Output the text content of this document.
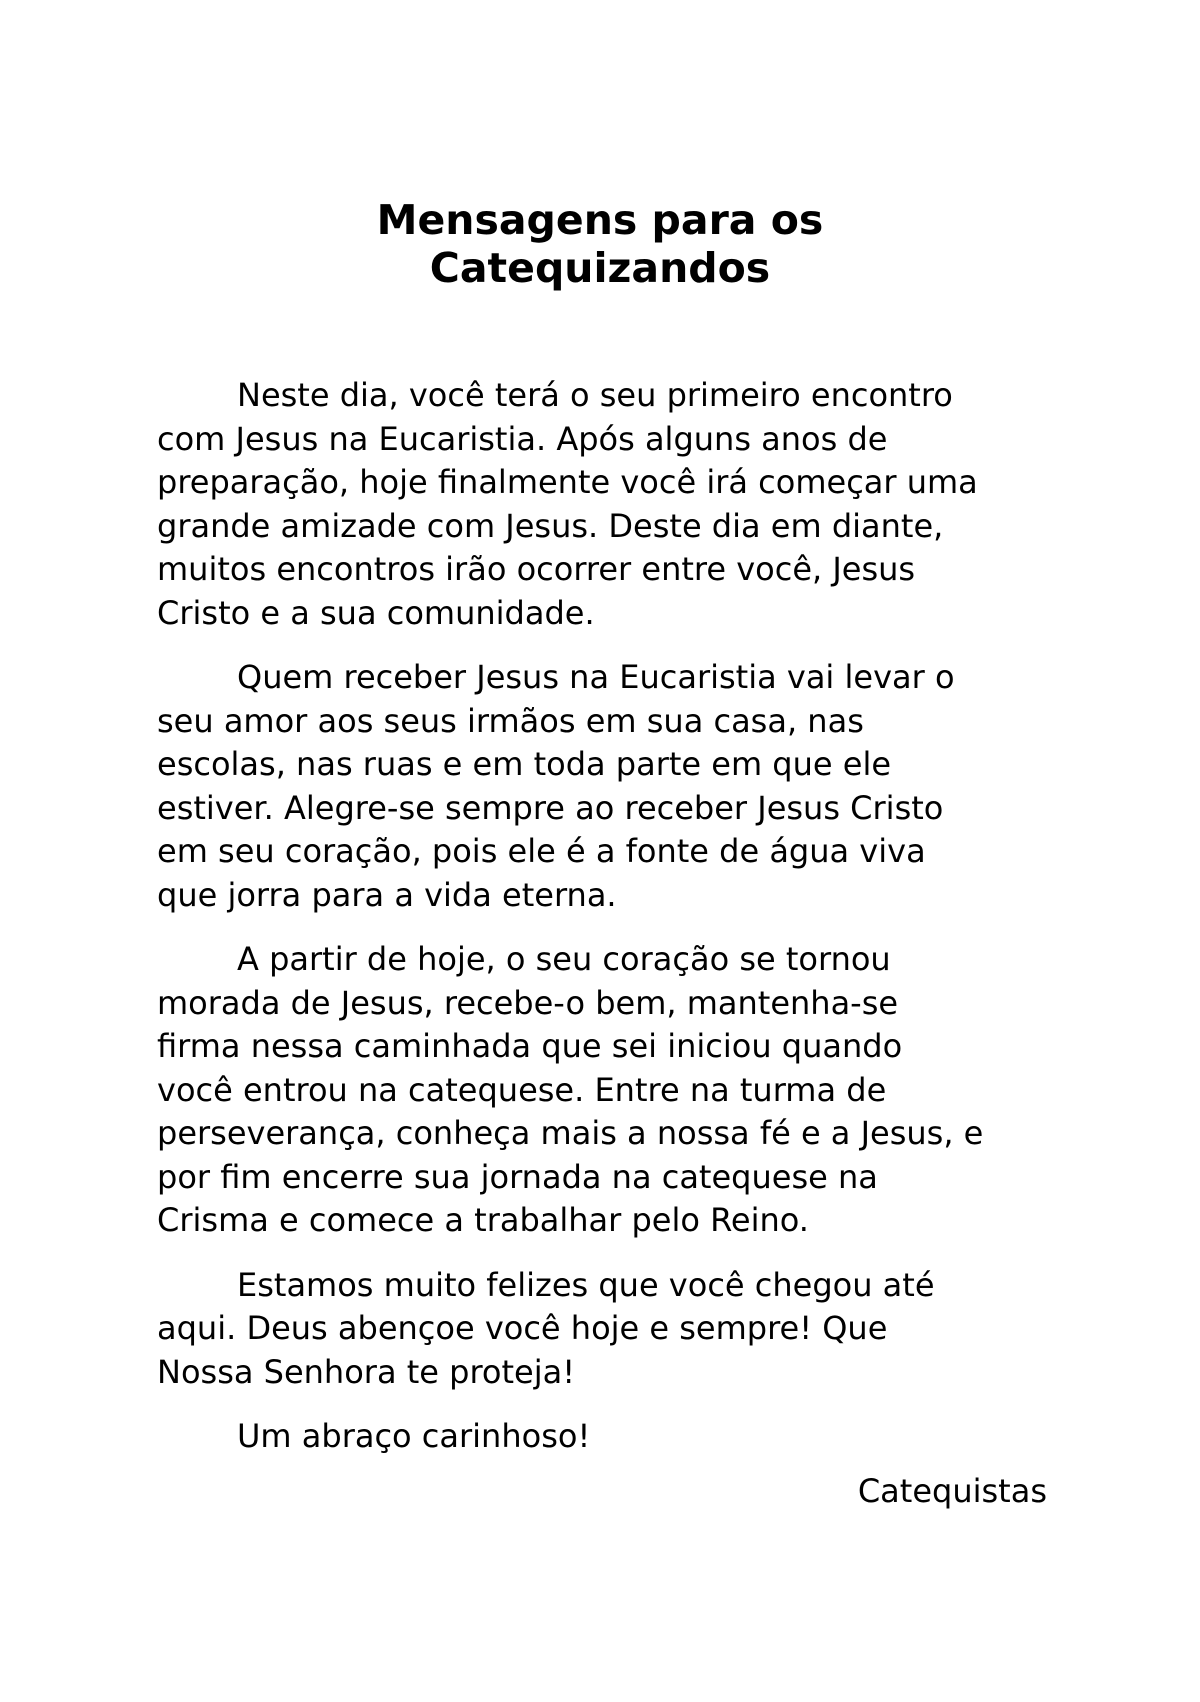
Mensagens para os
Catequizandos

Neste dia, você terá o seu primeiro encontro
com Jesus na Eucaristia. Após alguns anos de
preparação, hoje finalmente você irá começar uma
grande amizade com Jesus. Deste dia em diante,
muitos encontros irão ocorrer entre você, Jesus
Cristo e a sua comunidade.

Quem receber Jesus na Eucaristia vai levar o
seu amor aos seus irmãos em sua casa, nas
escolas, nas ruas e em toda parte em que ele
estiver. Alegre-se sempre ao receber Jesus Cristo
em seu coração, pois ele é a fonte de água viva
que jorra para a vida eterna.

A partir de hoje, o seu coração se tornou
morada de Jesus, recebe-o bem, mantenha-se
firma nessa caminhada que sei iniciou quando
você entrou na catequese. Entre na turma de
perseverança, conheça mais a nossa fé e a Jesus, e
por fim encerre sua jornada na catequese na
Crisma e comece a trabalhar pelo Reino.

Estamos muito felizes que você chegou até
aqui. Deus abençoe você hoje e sempre! Que
Nossa Senhora te proteja!

Um abraço carinhoso!

Catequistas
